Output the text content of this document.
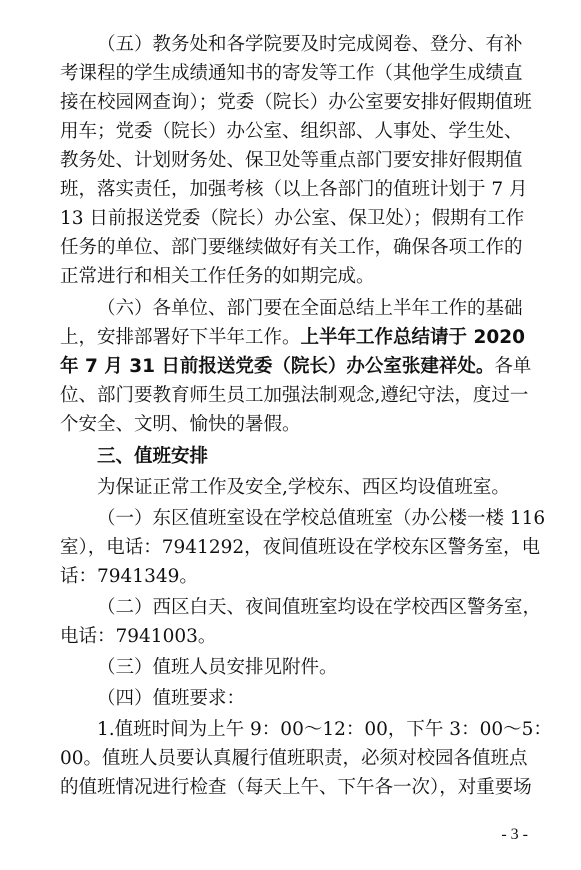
（五）教务处和各学院要及时完成阅卷、登分、有补
考课程的学生成绩通知书的寄发等工作（其他学生成绩直
接在校园网查询）；党委（院长）办公室要安排好假期值班
用车；党委（院长）办公室、组织部、人事处、学生处、
教务处、计划财务处、保卫处等重点部门要安排好假期值
班，落实责任，加强考核（以上各部门的值班计划于 7 月
13 日前报送党委（院长）办公室、保卫处）；假期有工作
任务的单位、部门要继续做好有关工作，确保各项工作的
正常进行和相关工作任务的如期完成。
（六）各单位、部门要在全面总结上半年工作的基础
上，安排部署好下半年工作。上半年工作总结请于 2020
年 7 月 31 日前报送党委（院长）办公室张建祥处。各单
位、部门要教育师生员工加强法制观念,遵纪守法，度过一
个安全、文明、愉快的暑假。
三、值班安排
为保证正常工作及安全,学校东、西区均设值班室。
（一）东区值班室设在学校总值班室（办公楼一楼 116
室），电话：7941292，夜间值班设在学校东区警务室，电
话：7941349。
（二）西区白天、夜间值班室均设在学校西区警务室，
电话：7941003。
（三）值班人员安排见附件。
（四）值班要求：
1.值班时间为上午 9：00～12：00，下午 3：00～5：
00。值班人员要认真履行值班职责，必须对校园各值班点
的值班情况进行检查（每天上午、下午各一次），对重要场
- 3 -
